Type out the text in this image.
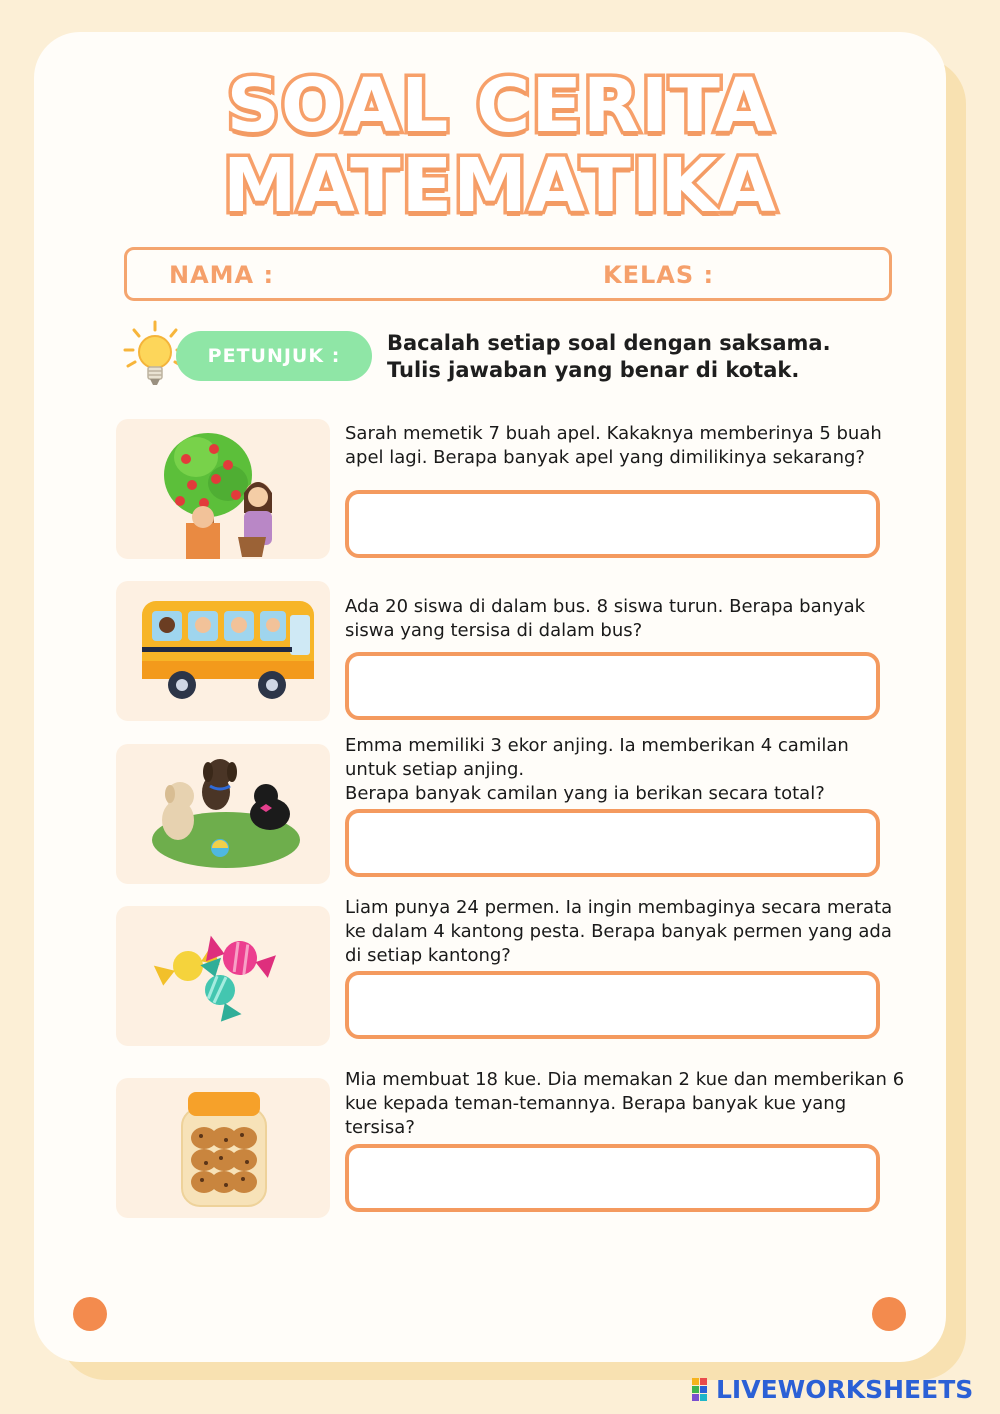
SOAL CERITA
MATEMATIKA
NAMA :	KELAS :
PETUNJUK :
Bacalah setiap soal dengan saksama. Tulis jawaban yang benar di kotak.
Sarah memetik 7 buah apel. Kakaknya memberinya 5 buah apel lagi. Berapa banyak apel yang dimilikinya sekarang?
Ada 20 siswa di dalam bus. 8 siswa turun. Berapa banyak siswa yang tersisa di dalam bus?
Emma memiliki 3 ekor anjing. Ia memberikan 4 camilan untuk setiap anjing.
Berapa banyak camilan yang ia berikan secara total?
Liam punya 24 permen. Ia ingin membaginya secara merata ke dalam 4 kantong pesta. Berapa banyak permen yang ada di setiap kantong?
Mia membuat 18 kue. Dia memakan 2 kue dan memberikan 6 kue kepada teman-temannya. Berapa banyak kue yang tersisa?
LIVEWORKSHEETS
